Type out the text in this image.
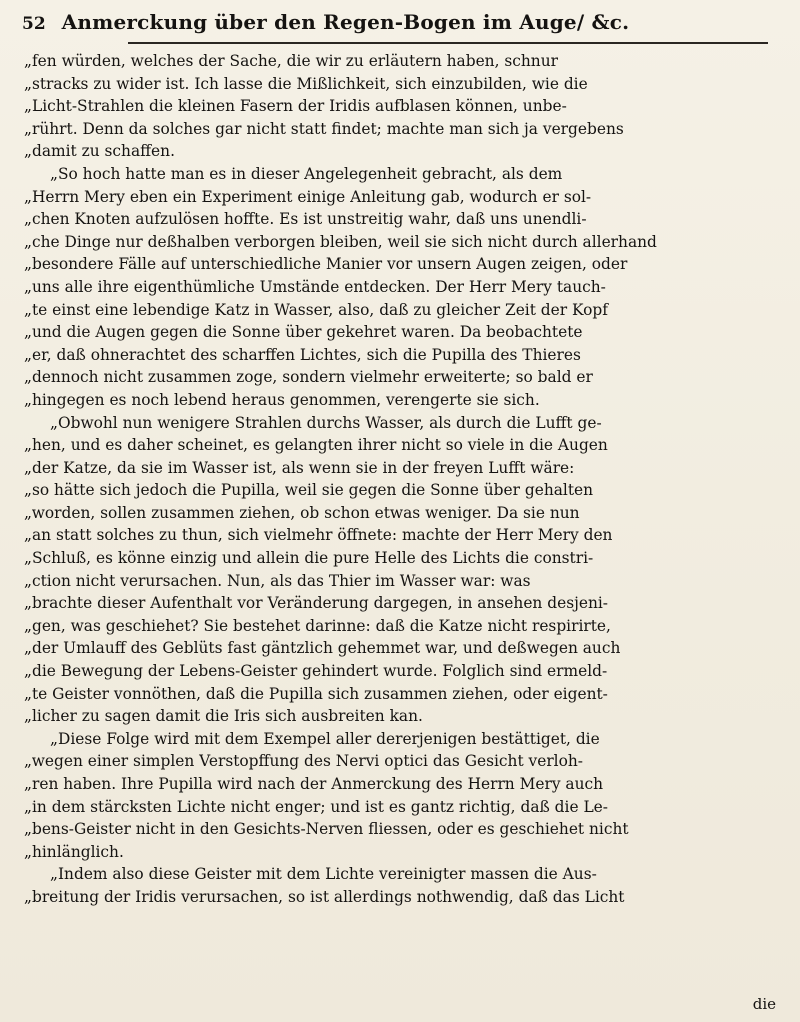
52 Anmerckung über den Regen-Bogen im Auge/ &c.
„fen würden, welches der Sache, die wir zu erläutern haben, schnur
„stracks zu wider ist. Ich lasse die Mißlichkeit, sich einzubilden, wie die
„Licht-Strahlen die kleinen Fasern der Iridis aufblasen können, unbe-
„rührt. Denn da solches gar nicht statt findet; machte man sich ja vergebens
„damit zu schaffen.
„So hoch hatte man es in dieser Angelegenheit gebracht, als dem
„Herrn Mery eben ein Experiment einige Anleitung gab, wodurch er sol-
„chen Knoten aufzulösen hoffte. Es ist unstreitig wahr, daß uns unendli-
„che Dinge nur deßhalben verborgen bleiben, weil sie sich nicht durch allerhand
„besondere Fälle auf unterschiedliche Manier vor unsern Augen zeigen, oder
„uns alle ihre eigenthümliche Umstände entdecken. Der Herr Mery tauch-
„te einst eine lebendige Katz in Wasser, also, daß zu gleicher Zeit der Kopf
„und die Augen gegen die Sonne über gekehret waren. Da beobachtete
„er, daß ohnerachtet des scharffen Lichtes, sich die Pupilla des Thieres
„dennoch nicht zusammen zoge, sondern vielmehr erweiterte; so bald er
„hingegen es noch lebend heraus genommen, verengerte sie sich.
„Obwohl nun wenigere Strahlen durchs Wasser, als durch die Lufft ge-
„hen, und es daher scheinet, es gelangten ihrer nicht so viele in die Augen
„der Katze, da sie im Wasser ist, als wenn sie in der freyen Lufft wäre:
„so hätte sich jedoch die Pupilla, weil sie gegen die Sonne über gehalten
„worden, sollen zusammen ziehen, ob schon etwas weniger. Da sie nun
„an statt solches zu thun, sich vielmehr öffnete: machte der Herr Mery den
„Schluß, es könne einzig und allein die pure Helle des Lichts die constri-
„ction nicht verursachen. Nun, als das Thier im Wasser war: was
„brachte dieser Aufenthalt vor Veränderung dargegen, in ansehen desjeni-
„gen, was geschiehet? Sie bestehet darinne: daß die Katze nicht respirirte,
„der Umlauff des Geblüts fast gäntzlich gehemmet war, und deßwegen auch
„die Bewegung der Lebens-Geister gehindert wurde. Folglich sind ermeld-
„te Geister vonnöthen, daß die Pupilla sich zusammen ziehen, oder eigent-
„licher zu sagen damit die Iris sich ausbreiten kan.
„Diese Folge wird mit dem Exempel aller dererjenigen bestättiget, die
„wegen einer simplen Verstopffung des Nervi optici das Gesicht verloh-
„ren haben. Ihre Pupilla wird nach der Anmerckung des Herrn Mery auch
„in dem stärcksten Lichte nicht enger; und ist es gantz richtig, daß die Le-
„bens-Geister nicht in den Gesichts-Nerven fliessen, oder es geschiehet nicht
„hinlänglich.
„Indem also diese Geister mit dem Lichte vereinigter massen die Aus-
„breitung der Iridis verursachen, so ist allerdings nothwendig, daß das Licht
die
